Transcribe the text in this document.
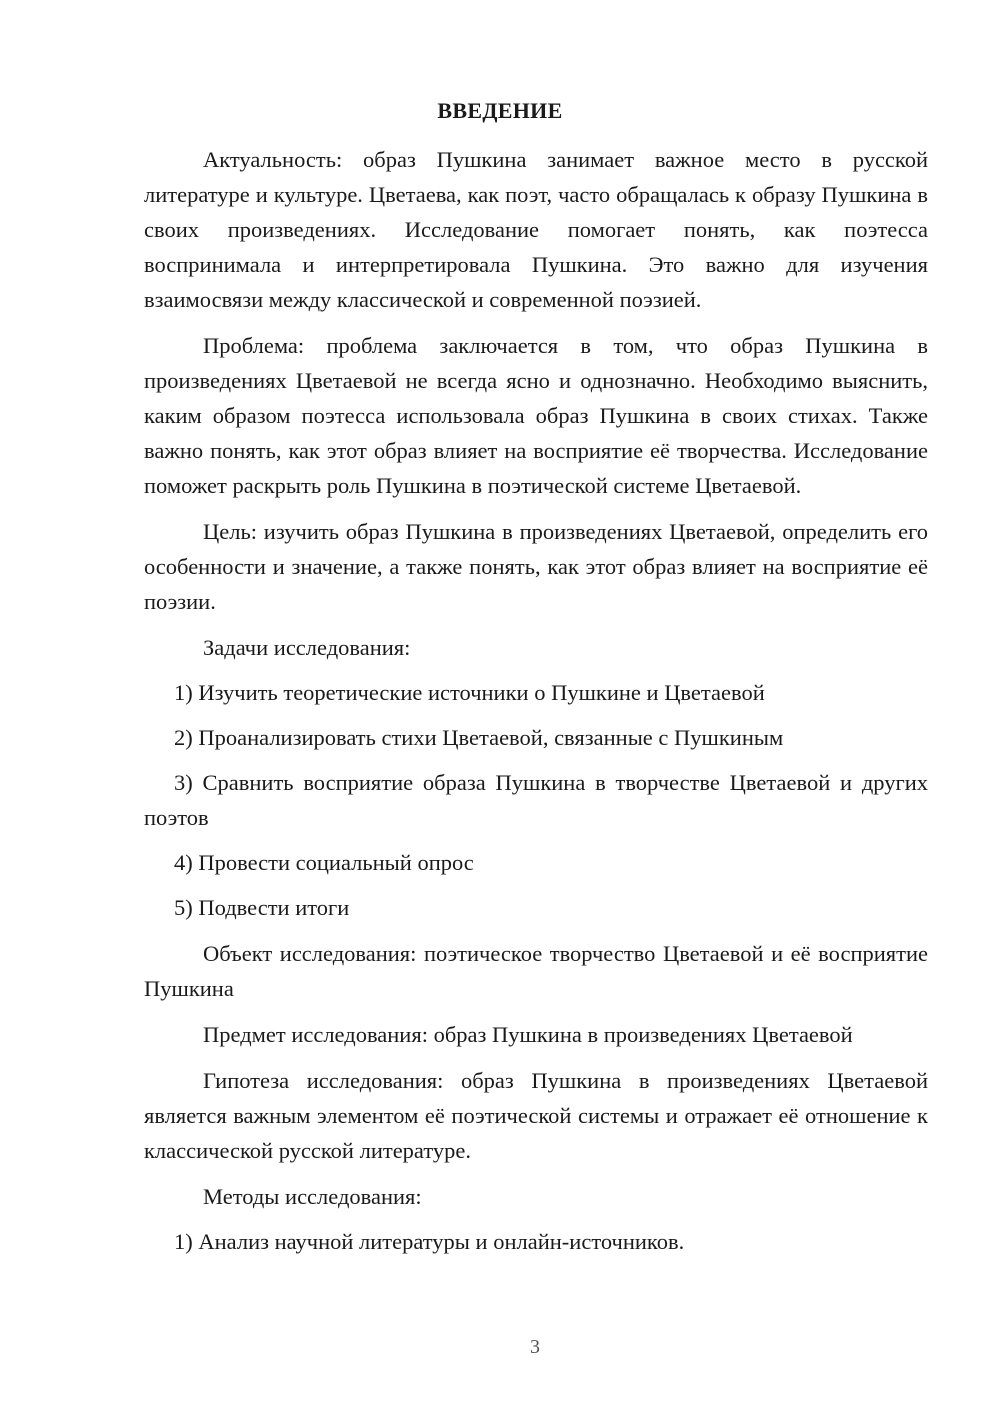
ВВЕДЕНИЕ

Актуальность: образ Пушкина занимает важное место в русской литературе и культуре. Цветаева, как поэт, часто обращалась к образу Пушкина в своих произведениях. Исследование помогает понять, как поэтесса воспринимала и интерпретировала Пушкина. Это важно для изучения взаимосвязи между классической и современной поэзией.

Проблема: проблема заключается в том, что образ Пушкина в произведениях Цветаевой не всегда ясно и однозначно. Необходимо выяснить, каким образом поэтесса использовала образ Пушкина в своих стихах. Также важно понять, как этот образ влияет на восприятие её творчества. Исследование поможет раскрыть роль Пушкина в поэтической системе Цветаевой.

Цель: изучить образ Пушкина в произведениях Цветаевой, определить его особенности и значение, а также понять, как этот образ влияет на восприятие её поэзии.

Задачи исследования:

1) Изучить теоретические источники о Пушкине и Цветаевой

2) Проанализировать стихи Цветаевой, связанные с Пушкиным

3) Сравнить восприятие образа Пушкина в творчестве Цветаевой и других поэтов

4) Провести социальный опрос

5) Подвести итоги

Объект исследования: поэтическое творчество Цветаевой и её восприятие Пушкина

Предмет исследования: образ Пушкина в произведениях Цветаевой

Гипотеза исследования: образ Пушкина в произведениях Цветаевой является важным элементом её поэтической системы и отражает её отношение к классической русской литературе.

Методы исследования:

1) Анализ научной литературы и онлайн-источников.

3
